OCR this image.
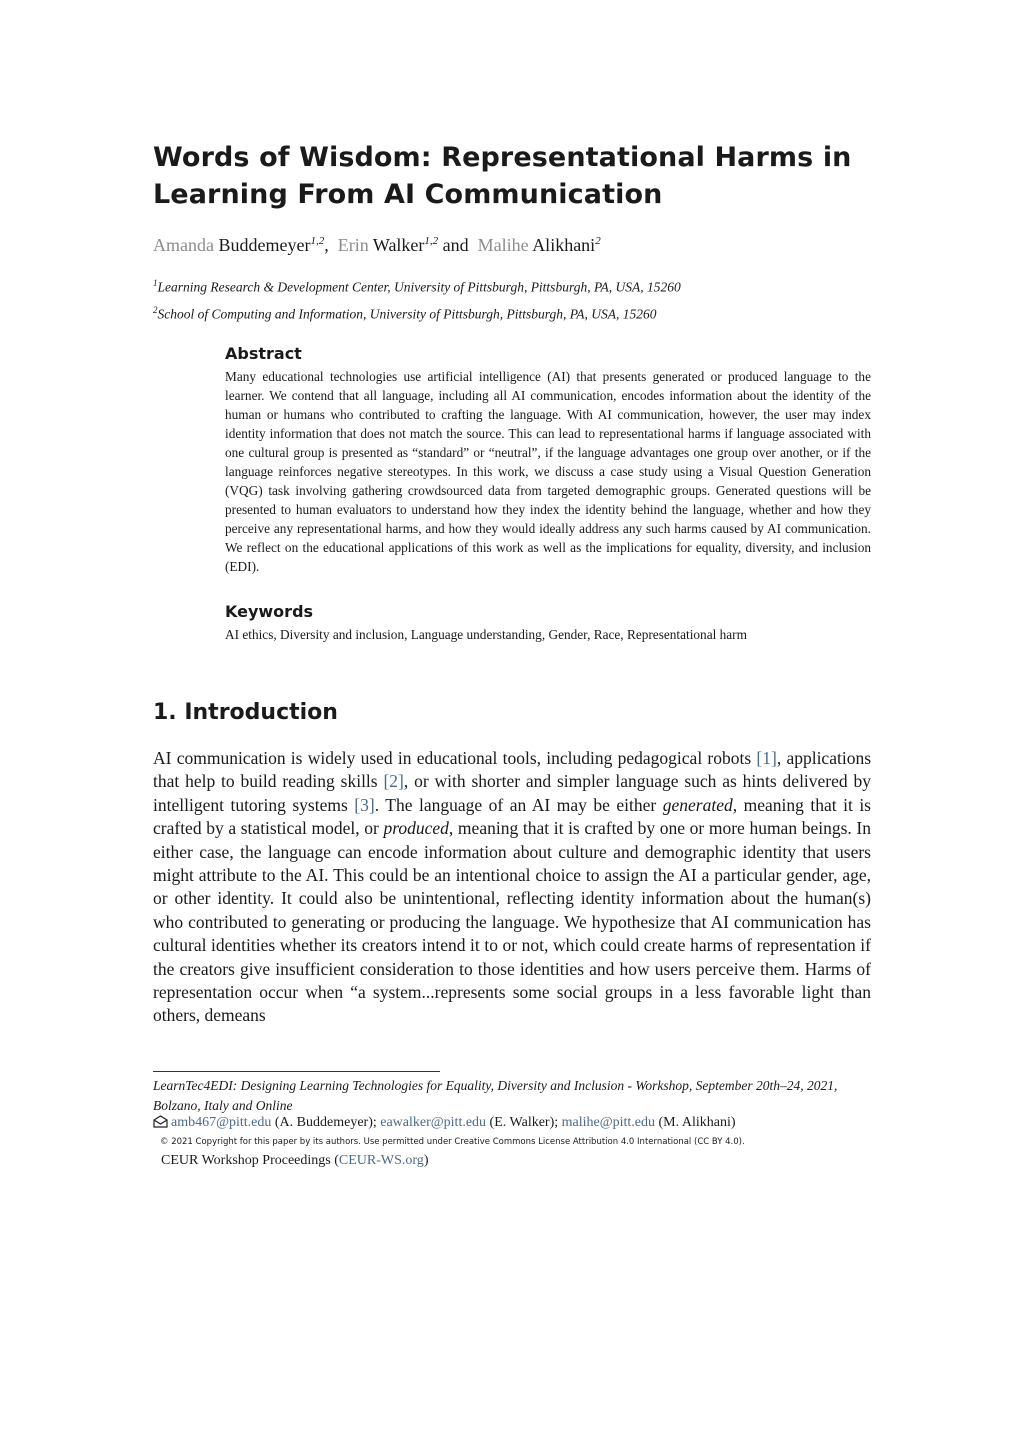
Words of Wisdom: Representational Harms in Learning From AI Communication
Amanda Buddemeyer$^{1,2}$, Erin Walker$^{1,2}$ and Malihe Alikhani$^2$
$^1$Learning Research & Development Center, University of Pittsburgh, Pittsburgh, PA, USA, 15260
$^2$School of Computing and Information, University of Pittsburgh, Pittsburgh, PA, USA, 15260
Abstract
Many educational technologies use artificial intelligence (AI) that presents generated or produced language to the learner. We contend that all language, including all AI communication, encodes information about the identity of the human or humans who contributed to crafting the language. With AI communication, however, the user may index identity information that does not match the source. This can lead to representational harms if language associated with one cultural group is presented as “standard” or “neutral”, if the language advantages one group over another, or if the language reinforces negative stereotypes. In this work, we discuss a case study using a Visual Question Generation (VQG) task involving gathering crowdsourced data from targeted demographic groups. Generated questions will be presented to human evaluators to understand how they index the identity behind the language, whether and how they perceive any representational harms, and how they would ideally address any such harms caused by AI communication. We reflect on the educational applications of this work as well as the implications for equality, diversity, and inclusion (EDI).
Keywords
AI ethics, Diversity and inclusion, Language understanding, Gender, Race, Representational harm
1. Introduction
AI communication is widely used in educational tools, including pedagogical robots [1], applications that help to build reading skills [2], or with shorter and simpler language such as hints delivered by intelligent tutoring systems [3]. The language of an AI may be either generated, meaning that it is crafted by a statistical model, or produced, meaning that it is crafted by one or more human beings. In either case, the language can encode information about culture and demographic identity that users might attribute to the AI. This could be an intentional choice to assign the AI a particular gender, age, or other identity. It could also be unintentional, reflecting identity information about the human(s) who contributed to generating or producing the language. We hypothesize that AI communication has cultural identities whether its creators intend it to or not, which could create harms of representation if the creators give insufficient consideration to those identities and how users perceive them. Harms of representation occur when “a system...represents some social groups in a less favorable light than others, demeans
LearnTec4EDI: Designing Learning Technologies for Equality, Diversity and Inclusion - Workshop, September 20th–24, 2021, Bolzano, Italy and Online
amb467@pitt.edu (A. Buddemeyer); eawalker@pitt.edu (E. Walker); malihe@pitt.edu (M. Alikhani)
© 2021 Copyright for this paper by its authors. Use permitted under Creative Commons License Attribution 4.0 International (CC BY 4.0).
CEUR Workshop Proceedings (CEUR-WS.org)
